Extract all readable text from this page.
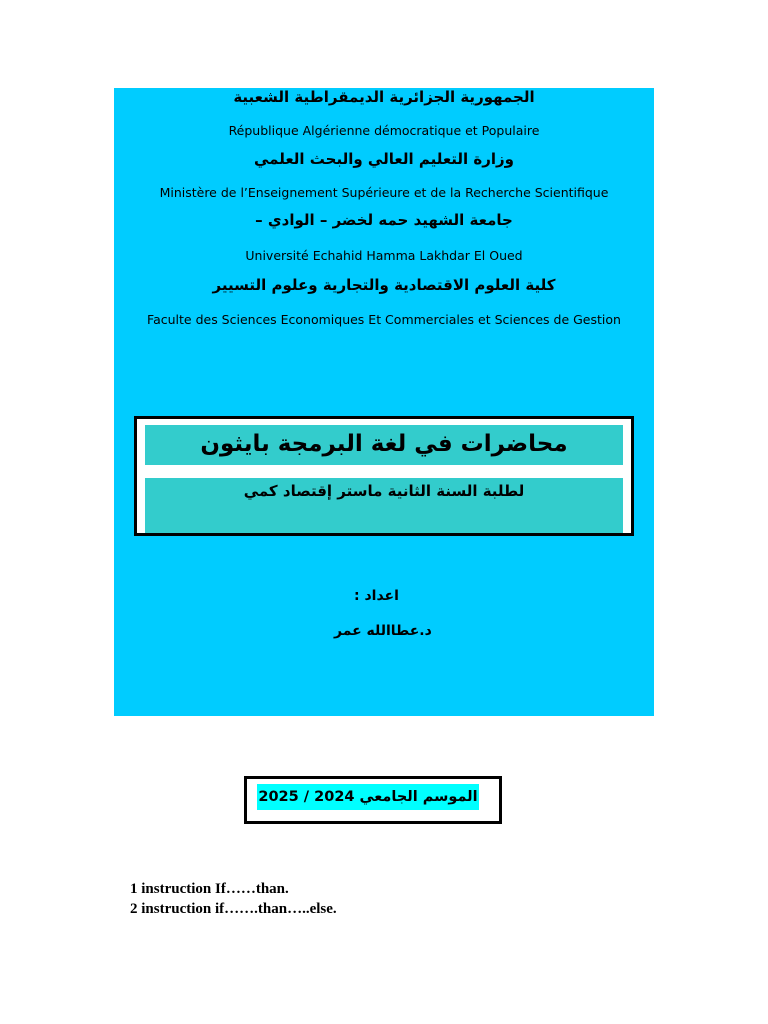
الجمهورية الجزائرية الديمقراطية الشعبية
République Algérienne démocratique et Populaire
وزارة التعليم العالي والبحث العلمي
Ministère de l’Enseignement Supérieure et de la Recherche Scientifique
جامعة الشهيد حمه لخضر – الوادي –
Université Echahid Hamma Lakhdar El Oued
كلية العلوم الاقتصادية والتجارية وعلوم التسيير
Faculte des Sciences Economiques Et Commerciales et Sciences de Gestion
محاضرات في لغة البرمجة بايثون
لطلبة السنة الثانية ماستر إقتصاد كمي
اعداد :
د.عطاالله عمر
الموسم الجامعي 2024 / 2025
1 instruction If……than.
2 instruction if…….than…..else.
